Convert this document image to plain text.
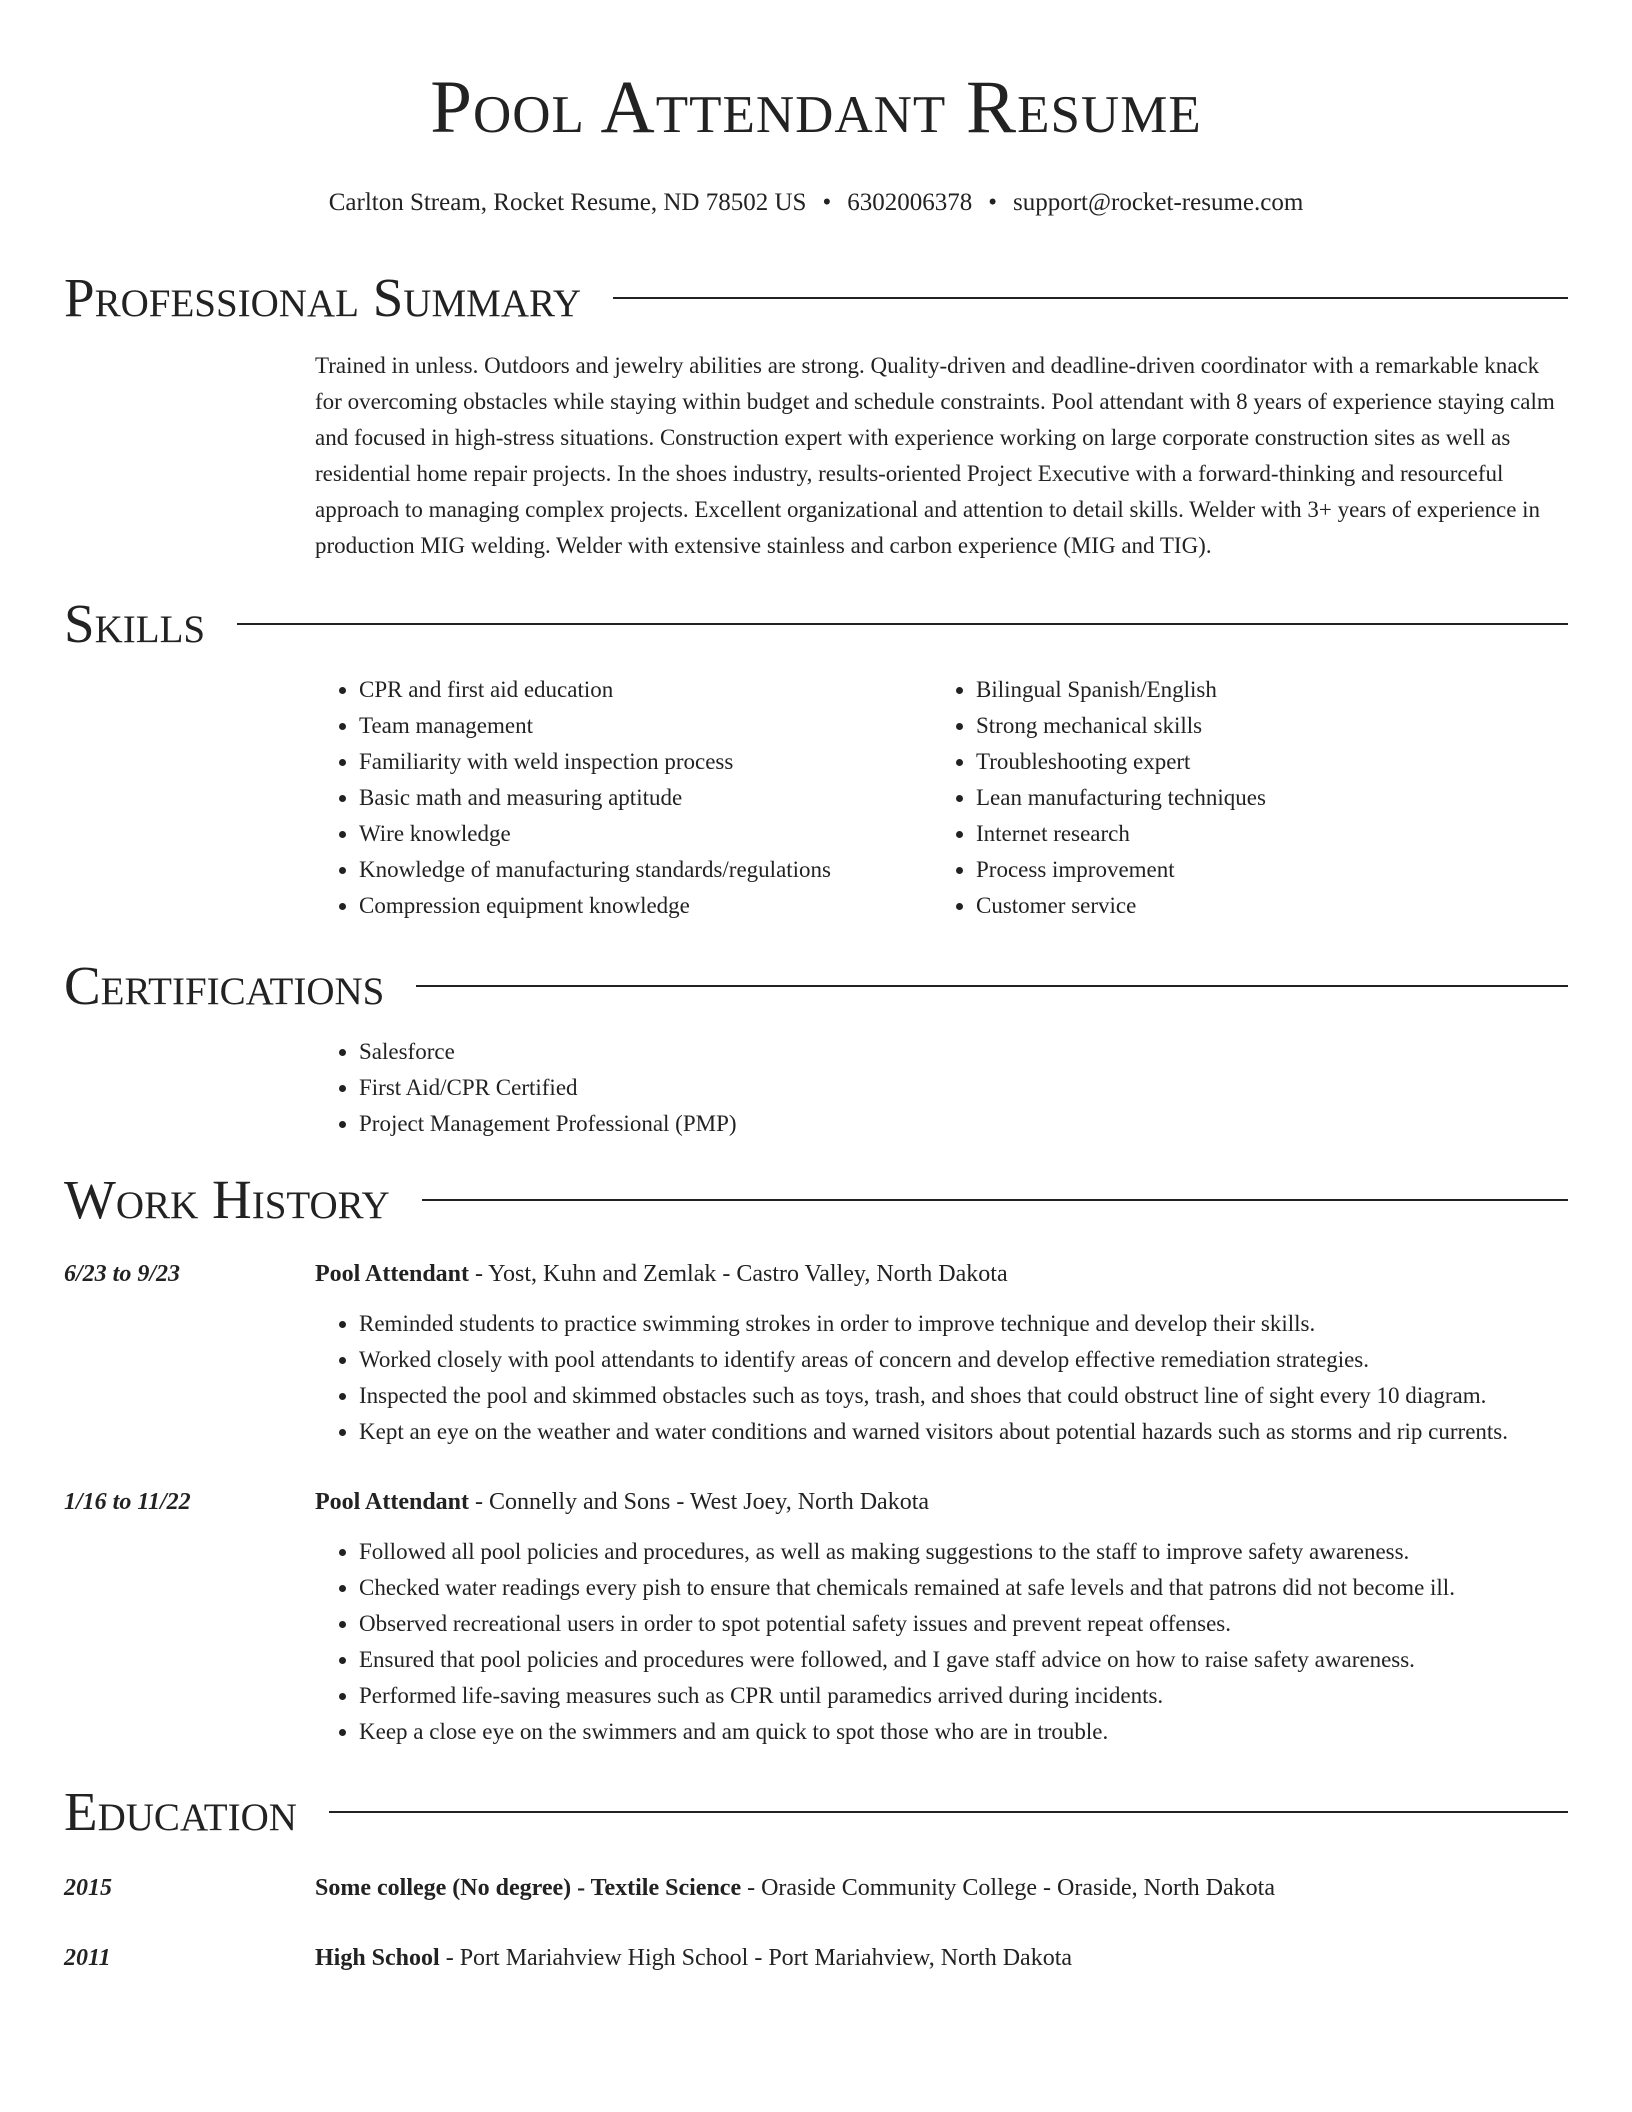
Pool Attendant Resume
Carlton Stream, Rocket Resume, ND 78502 US • 6302006378 • support@rocket-resume.com
Professional Summary

Trained in unless. Outdoors and jewelry abilities are strong. Quality-driven and deadline-driven coordinator with a remarkable knack for overcoming obstacles while staying within budget and schedule constraints. Pool attendant with 8 years of experience staying calm and focused in high-stress situations. Construction expert with experience working on large corporate construction sites as well as residential home repair projects. In the shoes industry, results-oriented Project Executive with a forward-thinking and resourceful approach to managing complex projects. Excellent organizational and attention to detail skills. Welder with 3+ years of experience in production MIG welding. Welder with extensive stainless and carbon experience (MIG and TIG).

Skills
• CPR and first aid education
• Team management
• Familiarity with weld inspection process
• Basic math and measuring aptitude
• Wire knowledge
• Knowledge of manufacturing standards/regulations
• Compression equipment knowledge
• Bilingual Spanish/English
• Strong mechanical skills
• Troubleshooting expert
• Lean manufacturing techniques
• Internet research
• Process improvement
• Customer service
Certifications
• Salesforce
• First Aid/CPR Certified
• Project Management Professional (PMP)
Work History
6/23 to 9/23	Pool Attendant - Yost, Kuhn and Zemlak - Castro Valley, North Dakota
• Reminded students to practice swimming strokes in order to improve technique and develop their skills.
• Worked closely with pool attendants to identify areas of concern and develop effective remediation strategies.
• Inspected the pool and skimmed obstacles such as toys, trash, and shoes that could obstruct line of sight every 10 diagram.
• Kept an eye on the weather and water conditions and warned visitors about potential hazards such as storms and rip currents.
1/16 to 11/22	Pool Attendant - Connelly and Sons - West Joey, North Dakota
• Followed all pool policies and procedures, as well as making suggestions to the staff to improve safety awareness.
• Checked water readings every pish to ensure that chemicals remained at safe levels and that patrons did not become ill.
• Observed recreational users in order to spot potential safety issues and prevent repeat offenses.
• Ensured that pool policies and procedures were followed, and I gave staff advice on how to raise safety awareness.
• Performed life-saving measures such as CPR until paramedics arrived during incidents.
• Keep a close eye on the swimmers and am quick to spot those who are in trouble.
Education
2015	Some college (No degree) - Textile Science - Oraside Community College - Oraside, North Dakota
2011	High School - Port Mariahview High School - Port Mariahview, North Dakota
